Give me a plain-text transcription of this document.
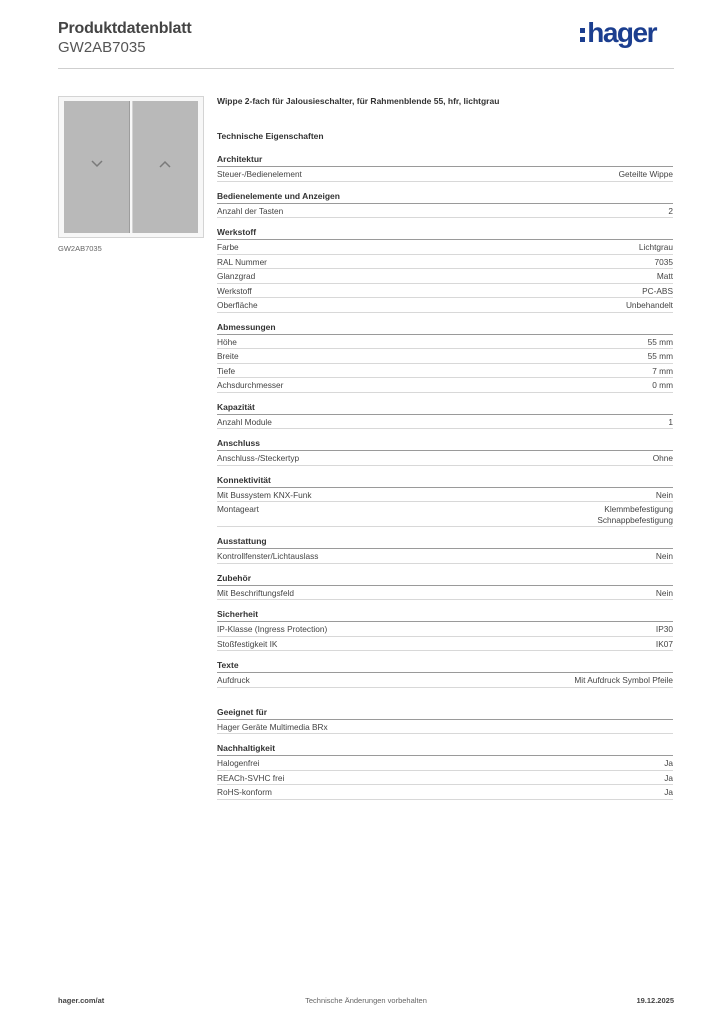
Produktdatenblatt
GW2AB7035	hager
GW2AB7035
Wippe 2-fach für Jalousieschalter, für Rahmenblende 55, hfr, lichtgrau
Technische Eigenschaften
Architektur
Steuer-/Bedienelement	Geteilte Wippe
Bedienelemente und Anzeigen
Anzahl der Tasten	2
Werkstoff
Farbe	Lichtgrau
RAL Nummer	7035
Glanzgrad	Matt
Werkstoff	PC-ABS
Oberfläche	Unbehandelt
Abmessungen
Höhe	55 mm
Breite	55 mm
Tiefe	7 mm
Achsdurchmesser	0 mm
Kapazität
Anzahl Module	1
Anschluss
Anschluss-/Steckertyp	Ohne
Konnektivität
Mit Bussystem KNX-Funk	Nein
Montageart	Klemmbefestigung
Schnappbefestigung
Ausstattung
Kontrollfenster/Lichtauslass	Nein
Zubehör
Mit Beschriftungsfeld	Nein
Sicherheit
IP-Klasse (Ingress Protection)	IP30
Stoßfestigkeit IK	IK07
Texte
Aufdruck	Mit Aufdruck Symbol Pfeile
Geeignet für
Hager Geräte Multimedia BRx
Nachhaltigkeit
Halogenfrei	Ja
REACh-SVHC frei	Ja
RoHS-konform	Ja
hager.com/at	Technische Änderungen vorbehalten	19.12.2025
